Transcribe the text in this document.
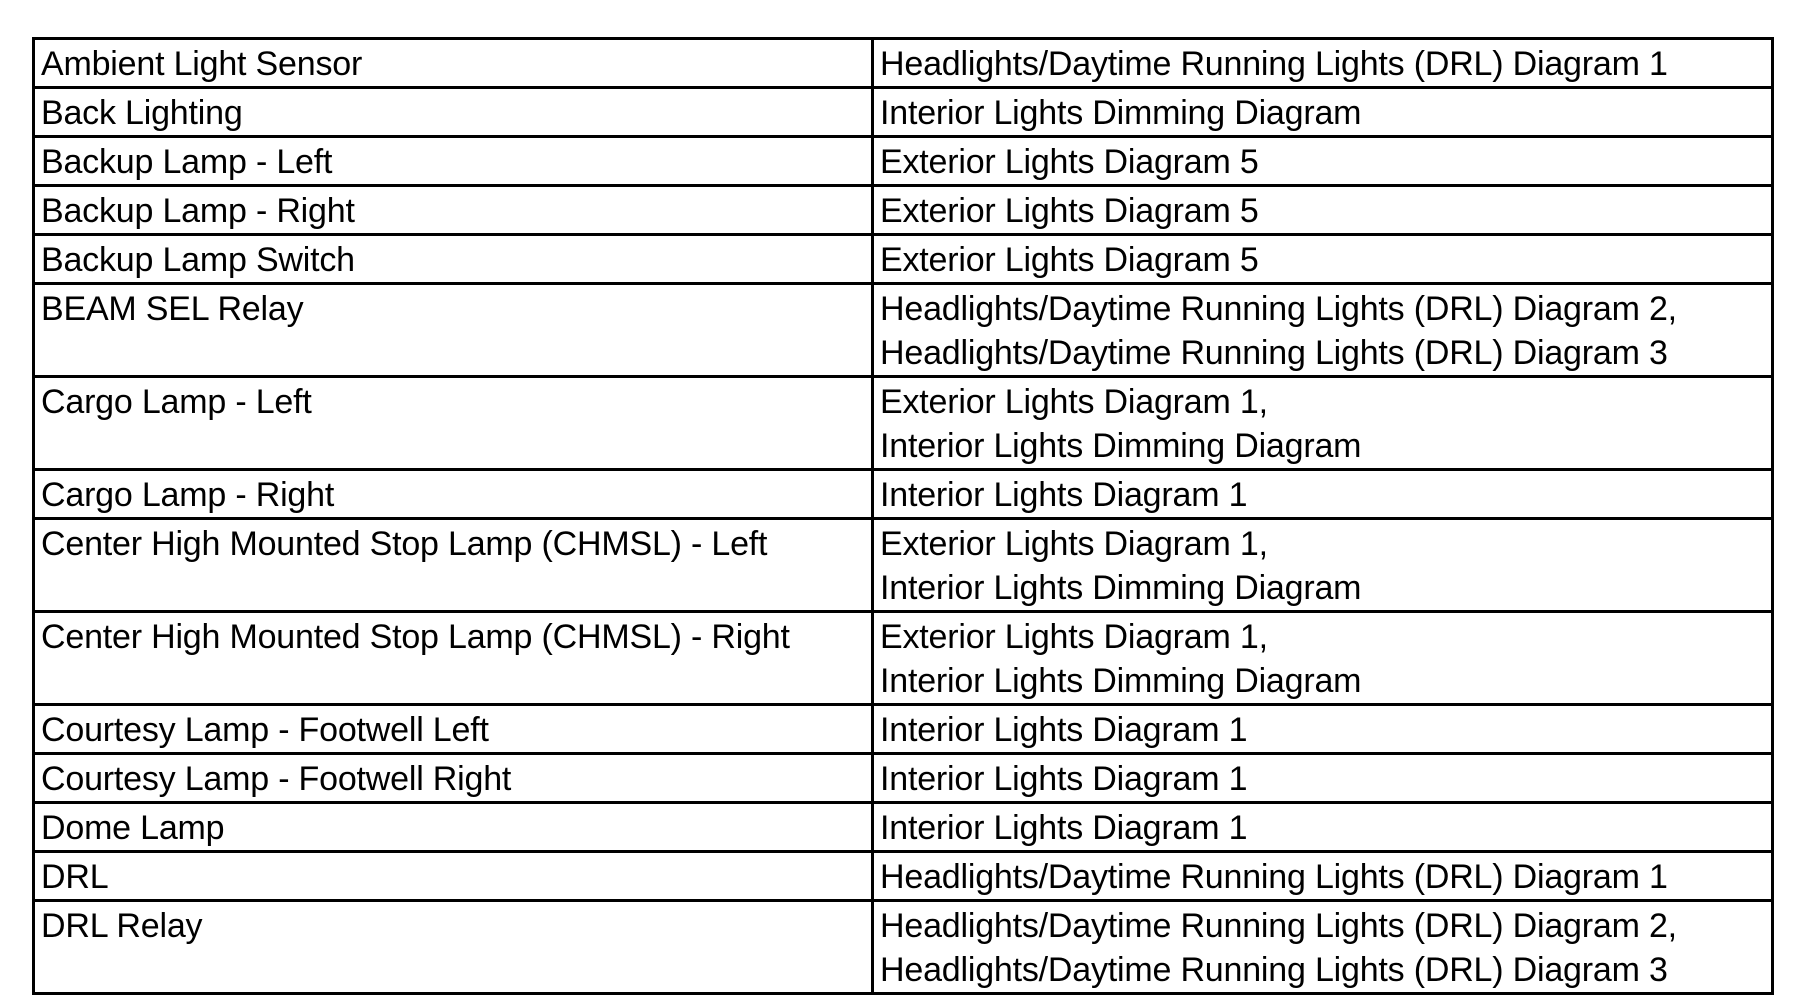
Ambient Light Sensor	Headlights/Daytime Running Lights (DRL) Diagram 1

Back Lighting	Interior Lights Dimming Diagram

Backup Lamp - Left	Exterior Lights Diagram 5

Backup Lamp - Right	Exterior Lights Diagram 5

Backup Lamp Switch	Exterior Lights Diagram 5

BEAM SEL Relay	Headlights/Daytime Running Lights (DRL) Diagram 2,
Headlights/Daytime Running Lights (DRL) Diagram 3

Cargo Lamp - Left	Exterior Lights Diagram 1,
Interior Lights Dimming Diagram

Cargo Lamp - Right	Interior Lights Diagram 1

Center High Mounted Stop Lamp (CHMSL) - Left	Exterior Lights Diagram 1,
Interior Lights Dimming Diagram

Center High Mounted Stop Lamp (CHMSL) - Right	Exterior Lights Diagram 1,
Interior Lights Dimming Diagram

Courtesy Lamp - Footwell Left	Interior Lights Diagram 1

Courtesy Lamp - Footwell Right	Interior Lights Diagram 1

Dome Lamp	Interior Lights Diagram 1

DRL	Headlights/Daytime Running Lights (DRL) Diagram 1

DRL Relay	Headlights/Daytime Running Lights (DRL) Diagram 2,
Headlights/Daytime Running Lights (DRL) Diagram 3
